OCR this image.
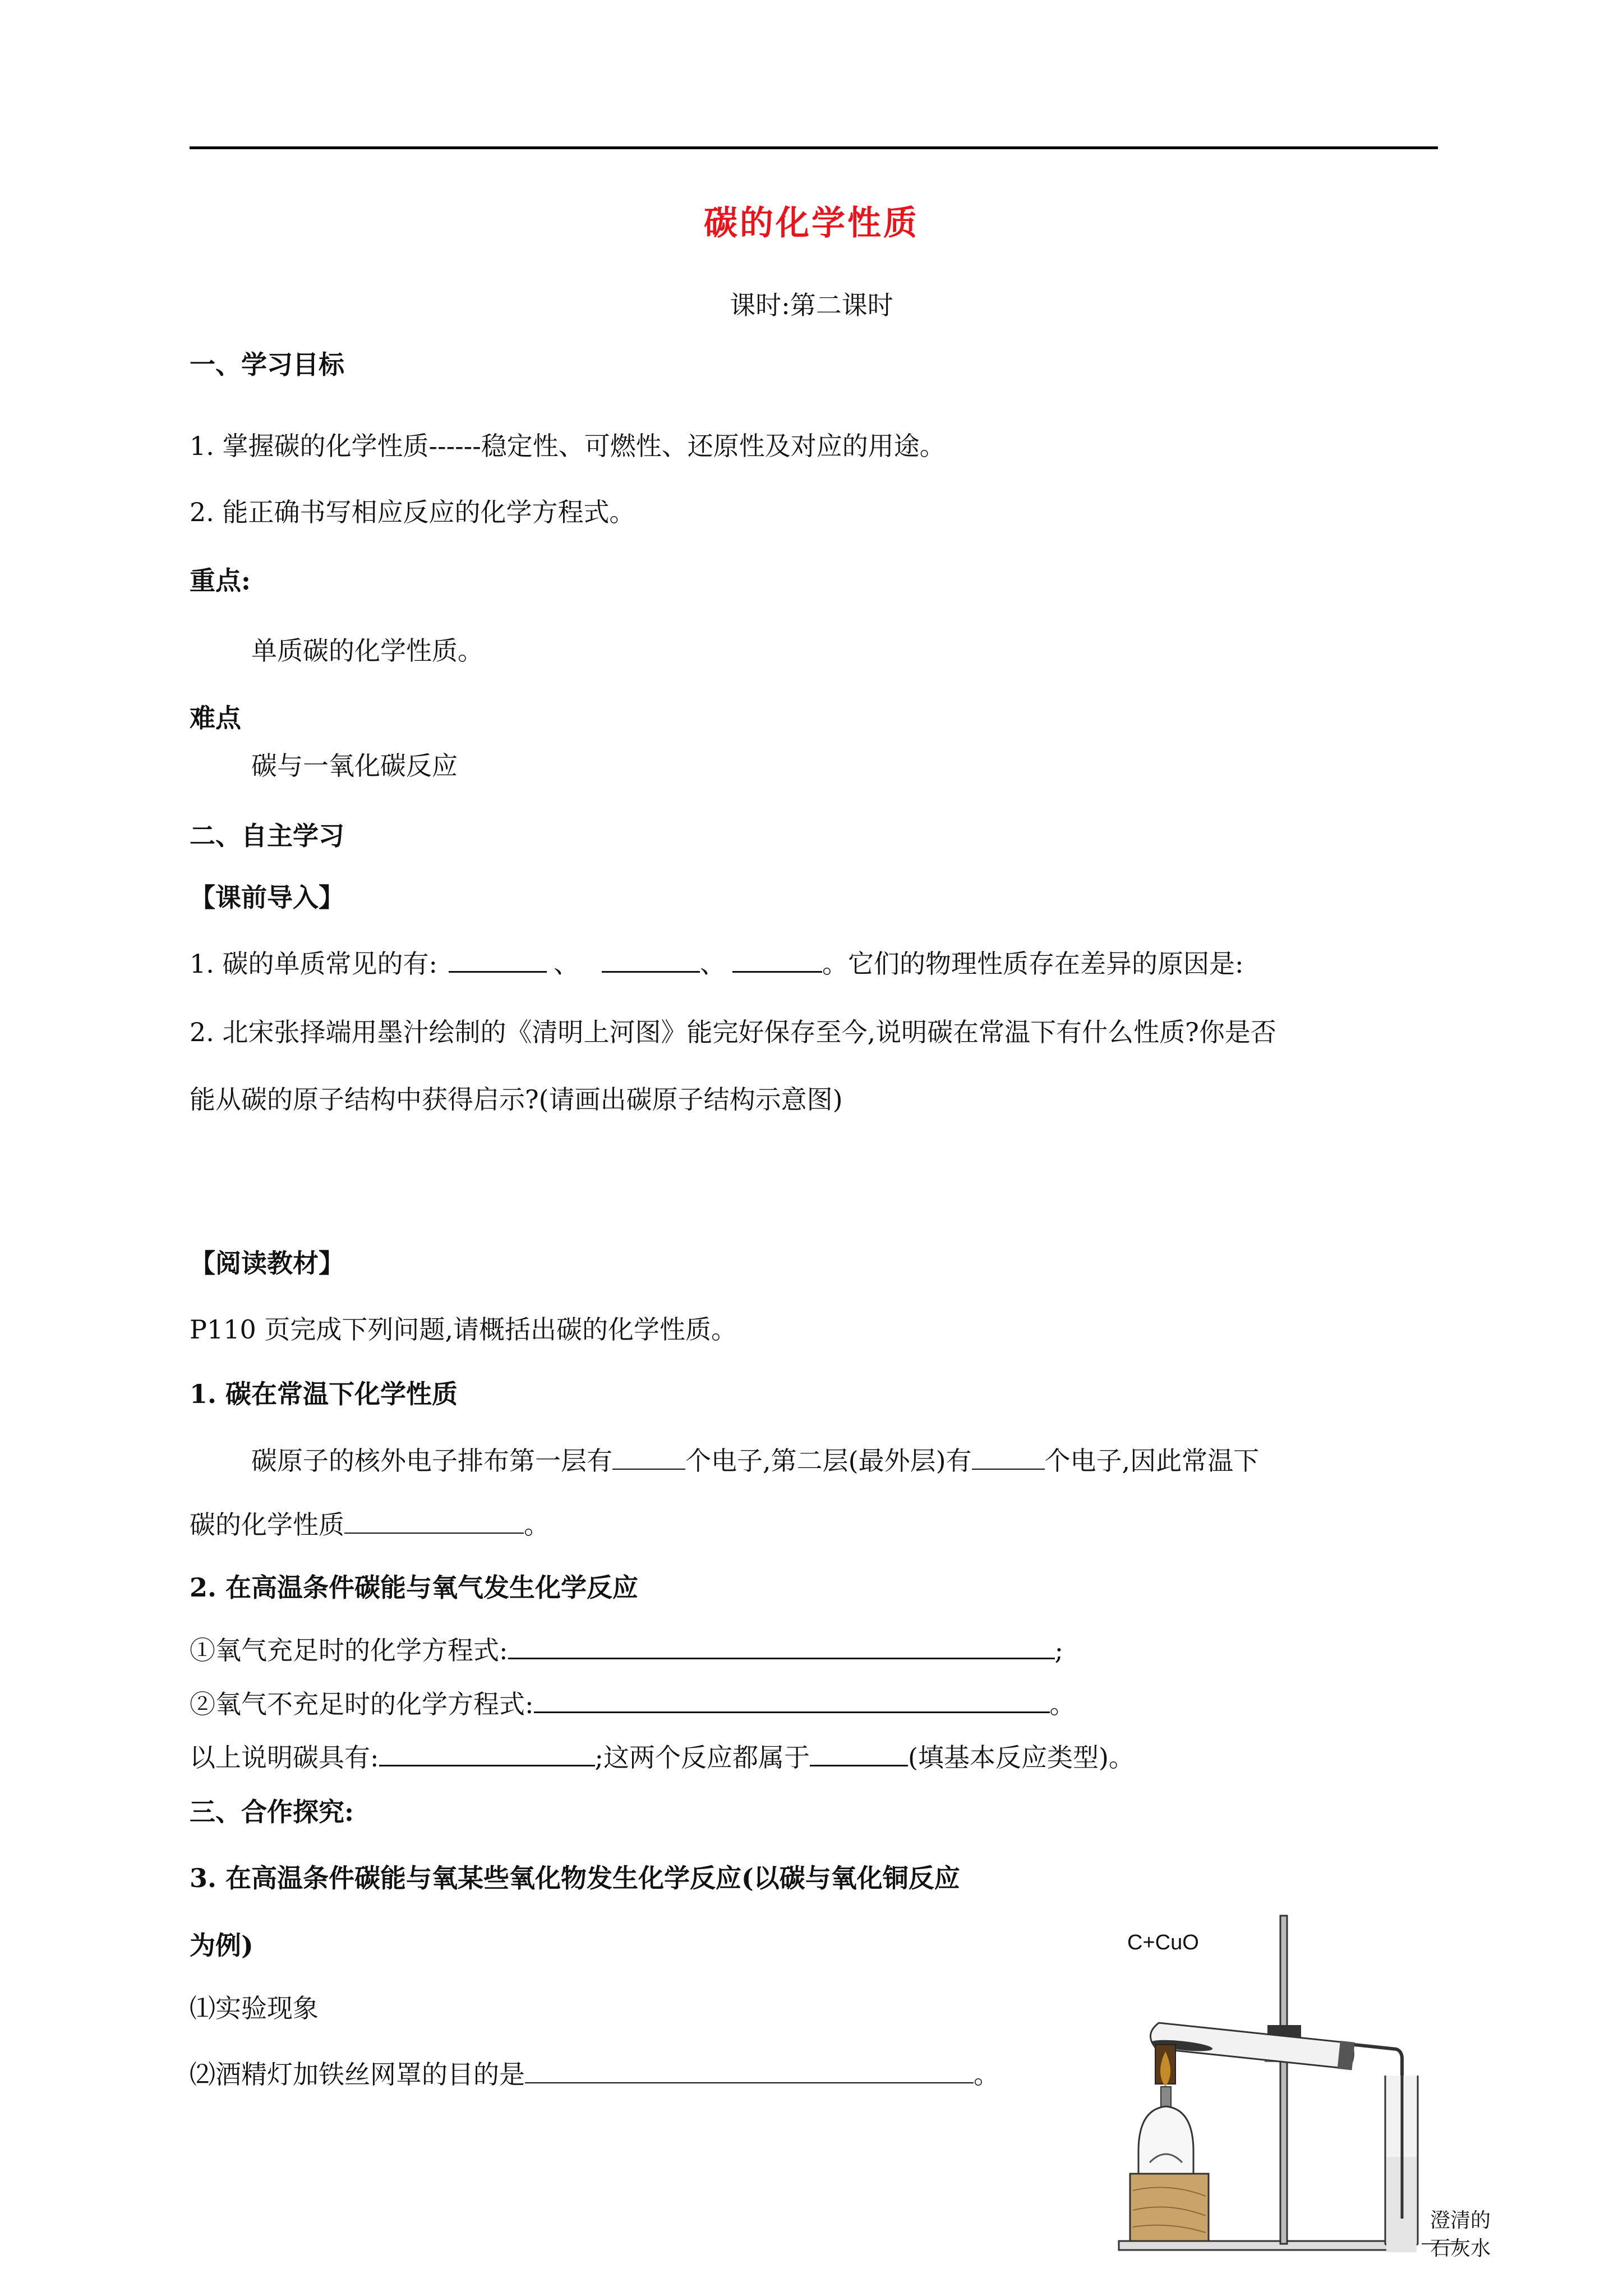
碳的化学性质
课时:第二课时
一、学习目标
1. 掌握碳的化学性质------稳定性、可燃性、还原性及对应的用途。
2. 能正确书写相应反应的化学方程式。
重点:
单质碳的化学性质。
难点
碳与一氧化碳反应
二、自主学习
【课前导入】
1. 碳的单质常见的有:	、	、	。它们的物理性质存在差异的原因是:
2. 北宋张择端用墨汁绘制的《清明上河图》能完好保存至今,说明碳在常温下有什么性质?你是否
能从碳的原子结构中获得启示?(请画出碳原子结构示意图)
【阅读教材】
P110 页完成下列问题,请概括出碳的化学性质。
1. 碳在常温下化学性质
碳原子的核外电子排布第一层有	个电子,第二层(最外层)有	个电子,因此常温下
碳的化学性质	。
2. 在高温条件碳能与氧气发生化学反应
①氧气充足时的化学方程式:	;
②氧气不充足时的化学方程式:	。
以上说明碳具有:	;这两个反应都属于	(填基本反应类型)。
三、合作探究:
3. 在高温条件碳能与氧某些氧化物发生化学反应(以碳与氧化铜反应
为例)
⑴实验现象
⑵酒精灯加铁丝网罩的目的是	。
C+CuO
澄清的
石灰水
